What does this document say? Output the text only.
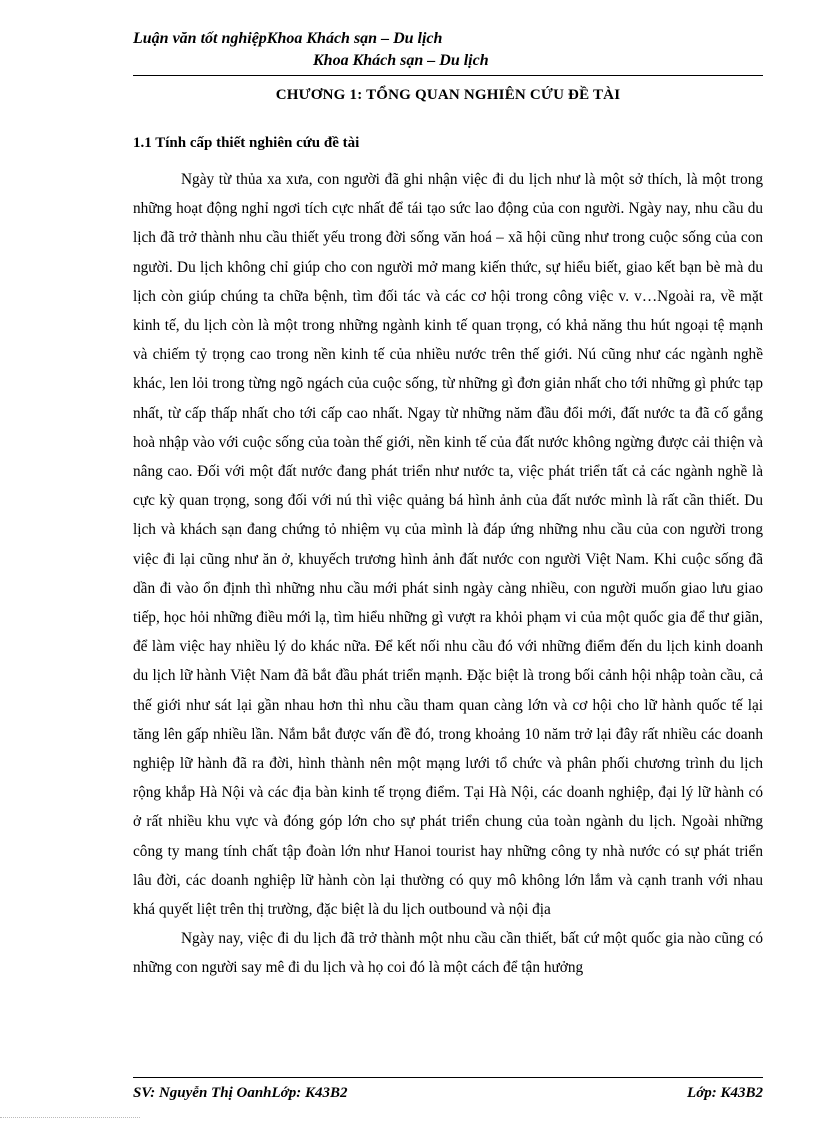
Luận văn tốt nghiệpKhoa Khách sạn – Du lịch
Khoa Khách sạn – Du lịch
CHƯƠNG 1: TỔNG QUAN NGHIÊN CỨU ĐỀ TÀI
1.1 Tính cấp thiết nghiên cứu đề tài

Ngày từ thủa xa xưa, con người đã ghi nhận việc đi du lịch như là một sở thích, là một trong những hoạt động nghỉ ngơi tích cực nhất để tái tạo sức lao động của con người. Ngày nay, nhu cầu du lịch đã trở thành nhu cầu thiết yếu trong đời sống văn hoá – xã hội cũng như trong cuộc sống của con người. Du lịch không chỉ giúp cho con người mở mang kiến thức, sự hiểu biết, giao kết bạn bè mà du lịch còn giúp chúng ta chữa bệnh, tìm đối tác và các cơ hội trong công việc v. v…Ngoài ra, về mặt kinh tế, du lịch còn là một trong những ngành kinh tế quan trọng, có khả năng thu hút ngoại tệ mạnh và chiếm tỷ trọng cao trong nền kinh tế của nhiều nước trên thế giới. Nú cũng như các ngành nghề khác, len lỏi trong từng ngõ ngách của cuộc sống, từ những gì đơn giản nhất cho tới những gì phức tạp nhất, từ cấp thấp nhất cho tới cấp cao nhất. Ngay từ những năm đầu đổi mới, đất nước ta đã cố gắng hoà nhập vào với cuộc sống của toàn thế giới, nền kinh tế của đất nước không ngừng được cải thiện và nâng cao. Đối với một đất nước đang phát triển như nước ta, việc phát triển tất cả các ngành nghề là cực kỳ quan trọng, song đối với nú thì việc quảng bá hình ảnh của đất nước mình là rất cần thiết. Du lịch và khách sạn đang chứng tỏ nhiệm vụ của mình là đáp ứng những nhu cầu của con người trong việc đi lại cũng như ăn ở, khuyếch trương hình ảnh đất nước con người Việt Nam. Khi cuộc sống đã dần đi vào ổn định thì những nhu cầu mới phát sinh ngày càng nhiều, con người muốn giao lưu giao tiếp, học hỏi những điều mới lạ, tìm hiểu những gì vượt ra khỏi phạm vi của một quốc gia để thư giãn, để làm việc hay nhiều lý do khác nữa. Để kết nối nhu cầu đó với những điểm đến du lịch kinh doanh du lịch lữ hành Việt Nam đã bắt đầu phát triển mạnh. Đặc biệt là trong bối cảnh hội nhập toàn cầu, cả thế giới như sát lại gần nhau hơn thì nhu cầu tham quan càng lớn và cơ hội cho lữ hành quốc tế lại tăng lên gấp nhiều lần. Nắm bắt được vấn đề đó, trong khoảng 10 năm trở lại đây rất nhiều các doanh nghiệp lữ hành đã ra đời, hình thành nên một mạng lưới tổ chức và phân phối chương trình du lịch rộng khắp Hà Nội và các địa bàn kinh tế trọng điểm. Tại Hà Nội, các doanh nghiệp, đại lý lữ hành có ở rất nhiều khu vực và đóng góp lớn cho sự phát triển chung của toàn ngành du lịch. Ngoài những công ty mang tính chất tập đoàn lớn như Hanoi tourist hay những công ty nhà nước có sự phát triển lâu đời, các doanh nghiệp lữ hành còn lại thường có quy mô không lớn lắm và cạnh tranh với nhau khá quyết liệt trên thị trường, đặc biệt là du lịch outbound và nội địa

Ngày nay, việc đi du lịch đã trở thành một nhu cầu cần thiết, bất cứ một quốc gia nào cũng có những con người say mê đi du lịch và họ coi đó là một cách để tận hưởng

SV: Nguyễn Thị OanhLớp: K43B2	Lớp: K43B2
